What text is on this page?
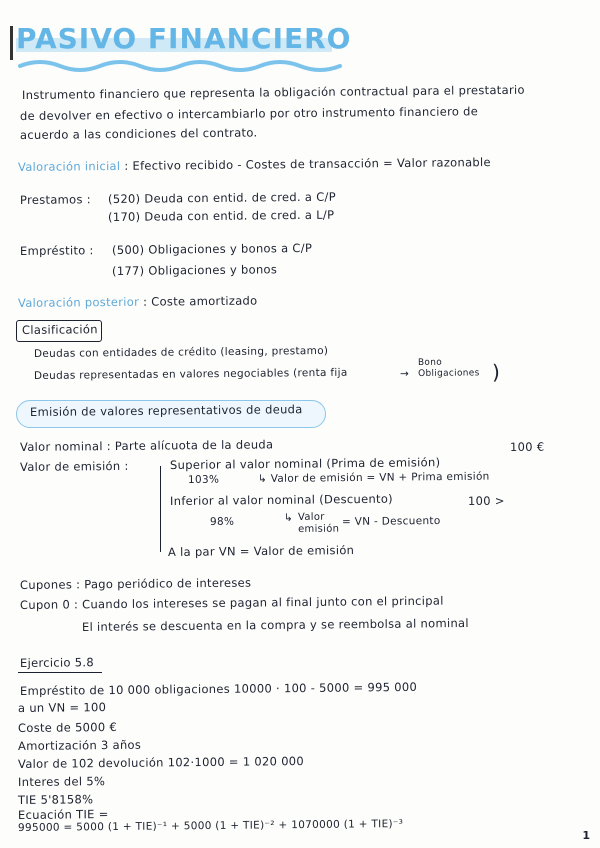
PASIVO FINANCIERO
Instrumento financiero que representa la obligación contractual para el prestatario
de devolver en efectivo o intercambiarlo por otro instrumento financiero de
acuerdo a las condiciones del contrato.
Valoración inicial : Efectivo recibido - Costes de transacción = Valor razonable
Prestamos : (520) Deuda con entid. de cred. a C/P
(170) Deuda con entid. de cred. a L/P
Empréstito : (500) Obligaciones y bonos a C/P
(177) Obligaciones y bonos
Valoración posterior : Coste amortizado
Clasificación
Deudas con entidades de crédito (leasing, prestamo)
Deudas representadas en valores negociables (renta fija	→
Bono
Obligaciones )
Emisión de valores representativos de deuda
Valor nominal : Parte alícuota de la deuda	100 €
Valor de emisión :	Superior al valor nominal (Prima de emisión)
103%	↳ Valor de emisión = VN + Prima emisión
Inferior al valor nominal (Descuento)	100 >
98%	↳ Valor
emisión
= VN - Descuento
A la par VN = Valor de emisión
Cupones : Pago periódico de intereses
Cupon 0 : Cuando los intereses se pagan al final junto con el principal
El interés se descuenta en la compra y se reembolsa al nominal
Ejercicio 5.8
Empréstito de 10 000 obligaciones 10000 · 100 - 5000 = 995 000
a un VN = 100
Coste de 5000 €
Amortización 3 años
Valor de 102 devolución 102·1000 = 1 020 000
Interes del 5%
TIE 5'8158%
Ecuación TIE =
995000 = 5000 (1 + TIE)⁻¹ + 5000 (1 + TIE)⁻² + 1070000 (1 + TIE)⁻³
1
